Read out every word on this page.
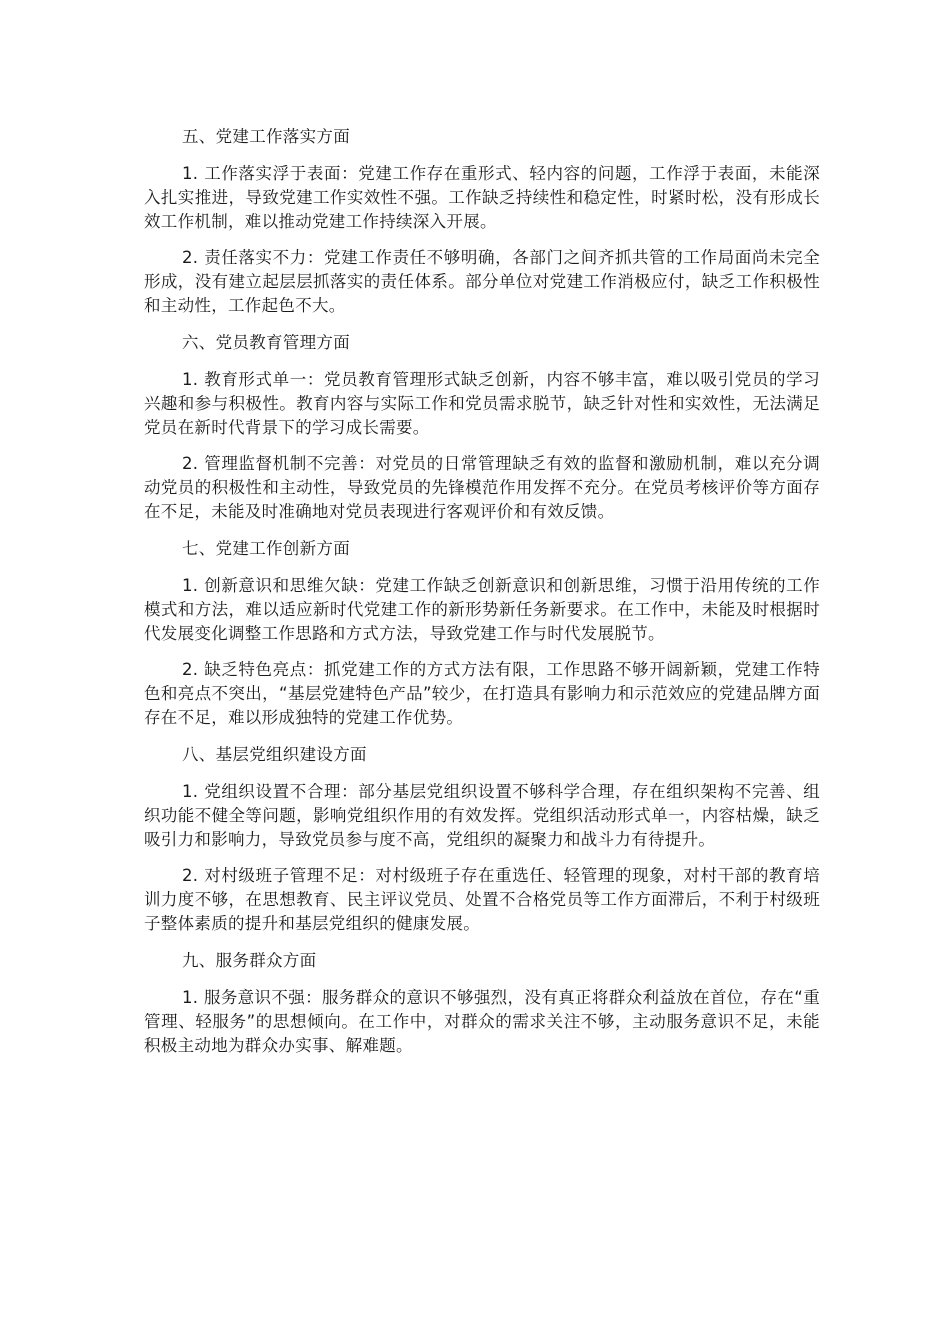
五、党建工作落实方面

1. 工作落实浮于表面：党建工作存在重形式、轻内容的问题，工作浮于表面，未能深入扎实推进，导致党建工作实效性不强。工作缺乏持续性和稳定性，时紧时松，没有形成长效工作机制，难以推动党建工作持续深入开展。

2. 责任落实不力：党建工作责任不够明确，各部门之间齐抓共管的工作局面尚未完全形成，没有建立起层层抓落实的责任体系。部分单位对党建工作消极应付，缺乏工作积极性和主动性，工作起色不大。

六、党员教育管理方面

1. 教育形式单一：党员教育管理形式缺乏创新，内容不够丰富，难以吸引党员的学习兴趣和参与积极性。教育内容与实际工作和党员需求脱节，缺乏针对性和实效性，无法满足党员在新时代背景下的学习成长需要。

2. 管理监督机制不完善：对党员的日常管理缺乏有效的监督和激励机制，难以充分调动党员的积极性和主动性，导致党员的先锋模范作用发挥不充分。在党员考核评价等方面存在不足，未能及时准确地对党员表现进行客观评价和有效反馈。

七、党建工作创新方面

1. 创新意识和思维欠缺：党建工作缺乏创新意识和创新思维，习惯于沿用传统的工作模式和方法，难以适应新时代党建工作的新形势新任务新要求。在工作中，未能及时根据时代发展变化调整工作思路和方式方法，导致党建工作与时代发展脱节。

2. 缺乏特色亮点：抓党建工作的方式方法有限，工作思路不够开阔新颖，党建工作特色和亮点不突出，“基层党建特色产品”较少，在打造具有影响力和示范效应的党建品牌方面存在不足，难以形成独特的党建工作优势。

八、基层党组织建设方面

1. 党组织设置不合理：部分基层党组织设置不够科学合理，存在组织架构不完善、组织功能不健全等问题，影响党组织作用的有效发挥。党组织活动形式单一，内容枯燥，缺乏吸引力和影响力，导致党员参与度不高，党组织的凝聚力和战斗力有待提升。

2. 对村级班子管理不足：对村级班子存在重选任、轻管理的现象，对村干部的教育培训力度不够，在思想教育、民主评议党员、处置不合格党员等工作方面滞后，不利于村级班子整体素质的提升和基层党组织的健康发展。

九、服务群众方面

1. 服务意识不强：服务群众的意识不够强烈，没有真正将群众利益放在首位，存在“重管理、轻服务”的思想倾向。在工作中，对群众的需求关注不够，主动服务意识不足，未能积极主动地为群众办实事、解难题。
